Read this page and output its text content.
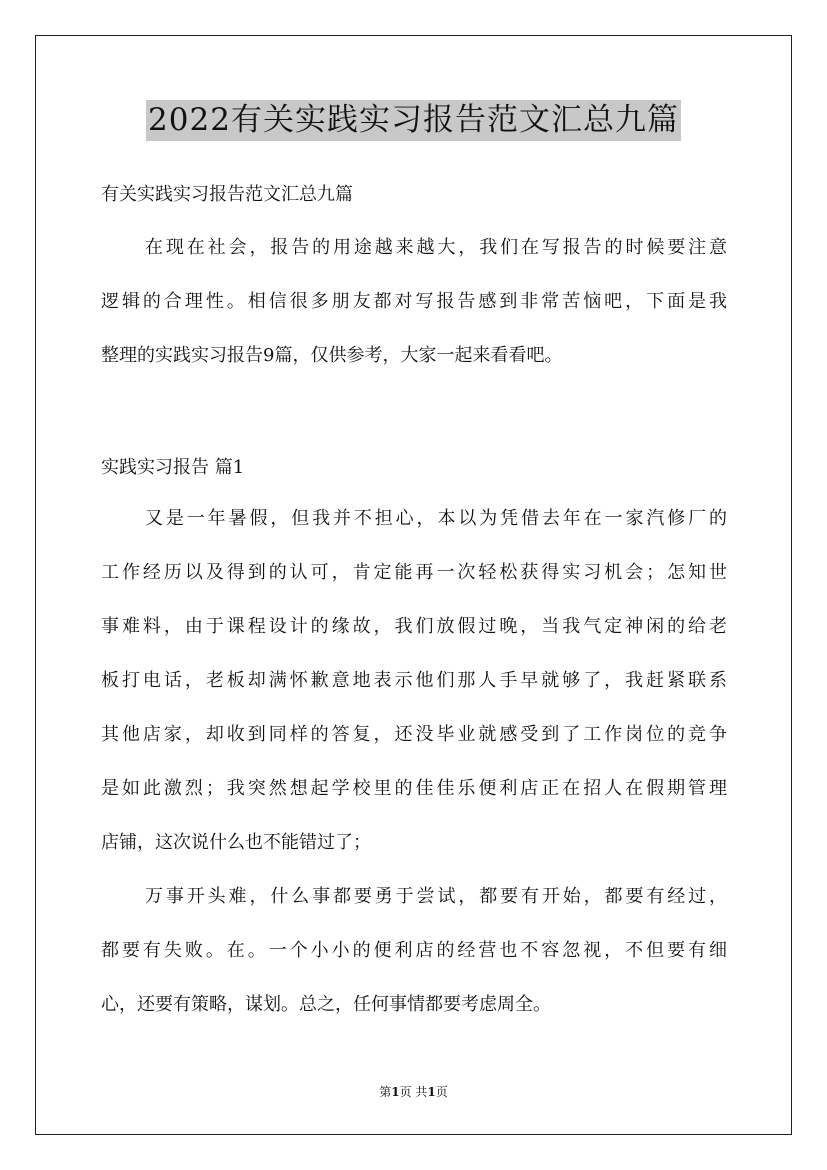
2022有关实践实习报告范文汇总九篇
有关实践实习报告范文汇总九篇
在现在社会，报告的用途越来越大，我们在写报告的时候要注意
逻辑的合理性。相信很多朋友都对写报告感到非常苦恼吧，下面是我
整理的实践实习报告9篇，仅供参考，大家一起来看看吧。
实践实习报告 篇1
又是一年暑假，但我并不担心，本以为凭借去年在一家汽修厂的
工作经历以及得到的认可，肯定能再一次轻松获得实习机会；怎知世
事难料，由于课程设计的缘故，我们放假过晚，当我气定神闲的给老
板打电话，老板却满怀歉意地表示他们那人手早就够了，我赶紧联系
其他店家，却收到同样的答复，还没毕业就感受到了工作岗位的竞争
是如此激烈；我突然想起学校里的佳佳乐便利店正在招人在假期管理
店铺，这次说什么也不能错过了；
万事开头难，什么事都要勇于尝试，都要有开始，都要有经过，
都要有失败。在。一个小小的便利店的经营也不容忽视，不但要有细
心，还要有策略，谋划。总之，任何事情都要考虑周全。
第1页 共1页
